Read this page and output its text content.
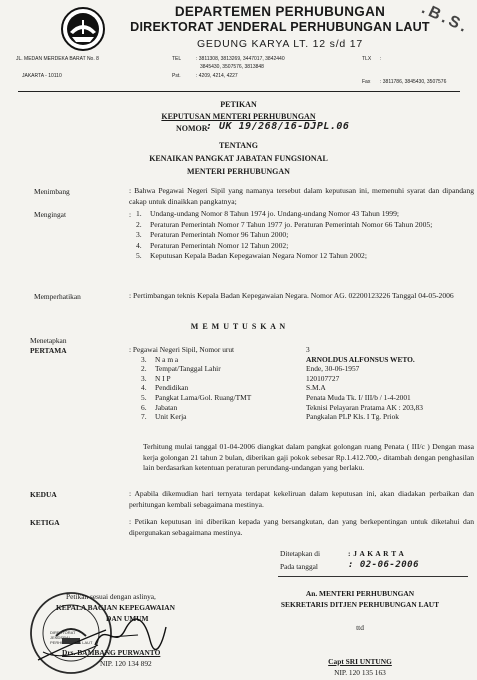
DEPARTEMEN PERHUBUNGAN
DIREKTORAT JENDERAL PERHUBUNGAN LAUT
GEDUNG KARYA LT. 12 s/d 17
.B.S.
JL. MEDAN MERDEKA BARAT No. 8
JAKARTA - 10110
TEL	: 3811308, 3813269, 3447017, 3842440
3845430, 3507576, 3813848
Pst.	: 4209, 4214, 4227
TLX :
Fax : 3811786, 3845430, 3507576
PETIKAN
KEPUTUSAN MENTERI PERHUBUNGAN
NOMOR
: UK 19/268/16-DJPL.06
TENTANG
KENAIKAN PANGKAT JABATAN FUNGSIONAL
MENTERI PERHUBUNGAN
Menimbang	: Bahwa Pegawai Negeri Sipil yang namanya tersebut dalam keputusan ini, memenuhi syarat dan dipandang cakap untuk dinaikkan pangkatnya;
Mengingat	: 1.	Undang-undang Nomor 8 Tahun 1974 jo. Undang-undang Nomor 43 Tahun 1999;
2.	Peraturan Pemerintah Nomor 7 Tahun 1977 jo. Peraturan Pemerintah Nomor 66 Tahun 2005;
3.	Peraturan Pemerintah Nomor 96 Tahun 2000;
4.	Peraturan Pemerintah Nomor 12 Tahun 2002;
5.	Keputusan Kepala Badan Kepegawaian Negara Nomor 12 Tahun 2002;
Memperhatikan	: Pertimbangan teknis Kepala Badan Kepegawaian Negara. Nomor AG. 02200123226 Tanggal 04-05-2006
M E M U T U S K A N
Menetapkan
PERTAMA	: Pegawai Negeri Sipil, Nomor urut	3
3.	N a m a	ARNOLDUS ALFONSUS WETO.
2.	Tempat/Tanggal Lahir	Ende, 30-06-1957
3.	N I P	120107727
4.	Pendidikan	S.M.A
5.	Pangkat Lama/Gol. Ruang/TMT	Penata Muda Tk. I/ III/b / 1-4-2001
6.	Jabatan	Teknisi Pelayaran Pratama AK : 203,83
7.	Unit Kerja	Pangkalan PLP Kls. I Tg. Priok
Terhitung mulai tanggal 01-04-2006 diangkat dalam pangkat golongan ruang Penata ( III/c ) Dengan masa kerja golongan 21 tahun 2 bulan, diberikan gaji pokok sebesar Rp.1.412.700,- ditambah dengan penghasilan lain berdasarkan ketentuan peraturan perundang-undangan yang berlaku.
KEDUA	: Apabila dikemudian hari ternyata terdapat kekeliruan dalam keputusan ini, akan diadakan perbaikan dan perhitungan kembali sebagaimana mestinya.
KETIGA	: Petikan keputusan ini diberikan kepada yang bersangkutan, dan yang berkepentingan untuk diketahui dan dipergunakan sebagaimana mestinya.
Ditetapkan di	: J A K A R T A
Pada tanggal	: 02-06-2006
An. MENTERI PERHUBUNGAN
SEKRETARIS DITJEN PERHUBUNGAN LAUT
ttd
Capt SRI UNTUNG
NIP. 120 135 163
DIREKTORAT JENDERAL PERHUBUNGAN LAUT
Petikan sesuai dengan aslinya,
KEPALA BAGIAN KEPEGAWAIAN
DAN UMUM
Drs. BAMBANG PURWANTO
NIP. 120 134 892
